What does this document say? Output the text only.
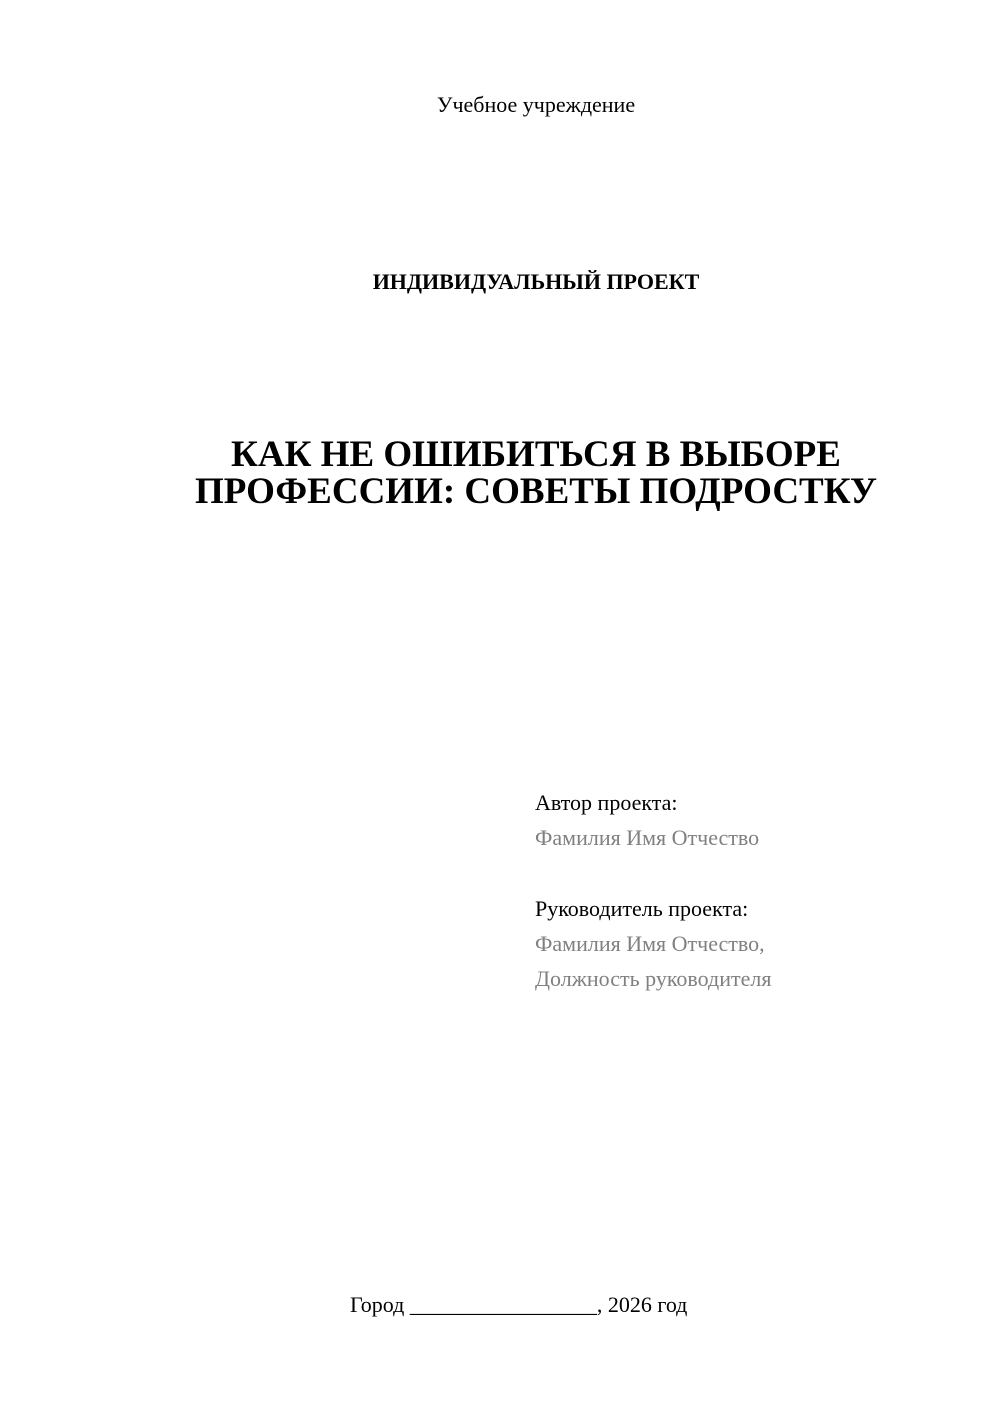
Учебное учреждение
ИНДИВИДУАЛЬНЫЙ ПРОЕКТ
КАК НЕ ОШИБИТЬСЯ В ВЫБОРЕ
ПРОФЕССИИ: СОВЕТЫ ПОДРОСТКУ
Автор проекта:
Фамилия Имя Отчество
Руководитель проекта:
Фамилия Имя Отчество,
Должность руководителя
Город _________________, 2026 год
